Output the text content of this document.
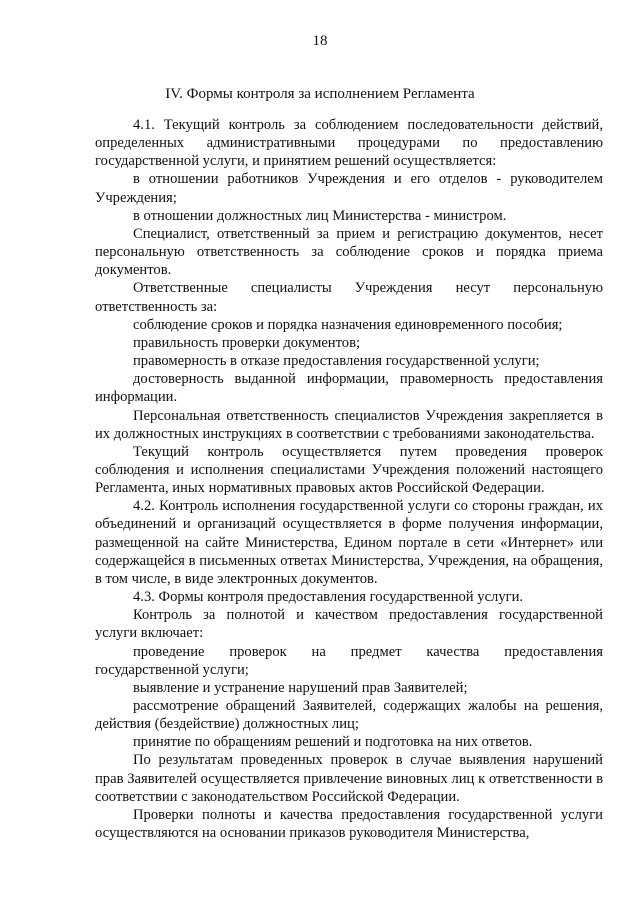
18
IV. Формы контроля за исполнением Регламента

4.1. Текущий контроль за соблюдением последовательности действий, определенных административными процедурами по предоставлению государственной услуги, и принятием решений осуществляется:

в отношении работников Учреждения и его отделов - руководителем Учреждения;

в отношении должностных лиц Министерства - министром.

Специалист, ответственный за прием и регистрацию документов, несет персональную ответственность за соблюдение сроков и порядка приема документов.

Ответственные специалисты Учреждения несут персональную ответственность за:

соблюдение сроков и порядка назначения единовременного пособия;

правильность проверки документов;

правомерность в отказе предоставления государственной услуги;

достоверность выданной информации, правомерность предоставления информации.

Персональная ответственность специалистов Учреждения закрепляется в их должностных инструкциях в соответствии с требованиями законодательства.

Текущий контроль осуществляется путем проведения проверок соблюдения и исполнения специалистами Учреждения положений настоящего Регламента, иных нормативных правовых актов Российской Федерации.

4.2. Контроль исполнения государственной услуги со стороны граждан, их объединений и организаций осуществляется в форме получения информации, размещенной на сайте Министерства, Едином портале в сети «Интернет» или содержащейся в письменных ответах Министерства, Учреждения, на обращения, в том числе, в виде электронных документов.

4.3. Формы контроля предоставления государственной услуги.

Контроль за полнотой и качеством предоставления государственной услуги включает:

проведение проверок на предмет качества предоставления государственной услуги;

выявление и устранение нарушений прав Заявителей;

рассмотрение обращений Заявителей, содержащих жалобы на решения, действия (бездействие) должностных лиц;

принятие по обращениям решений и подготовка на них ответов.

По результатам проведенных проверок в случае выявления нарушений прав Заявителей осуществляется привлечение виновных лиц к ответственности в соответствии с законодательством Российской Федерации.

Проверки полноты и качества предоставления государственной услуги осуществляются на основании приказов руководителя Министерства,
